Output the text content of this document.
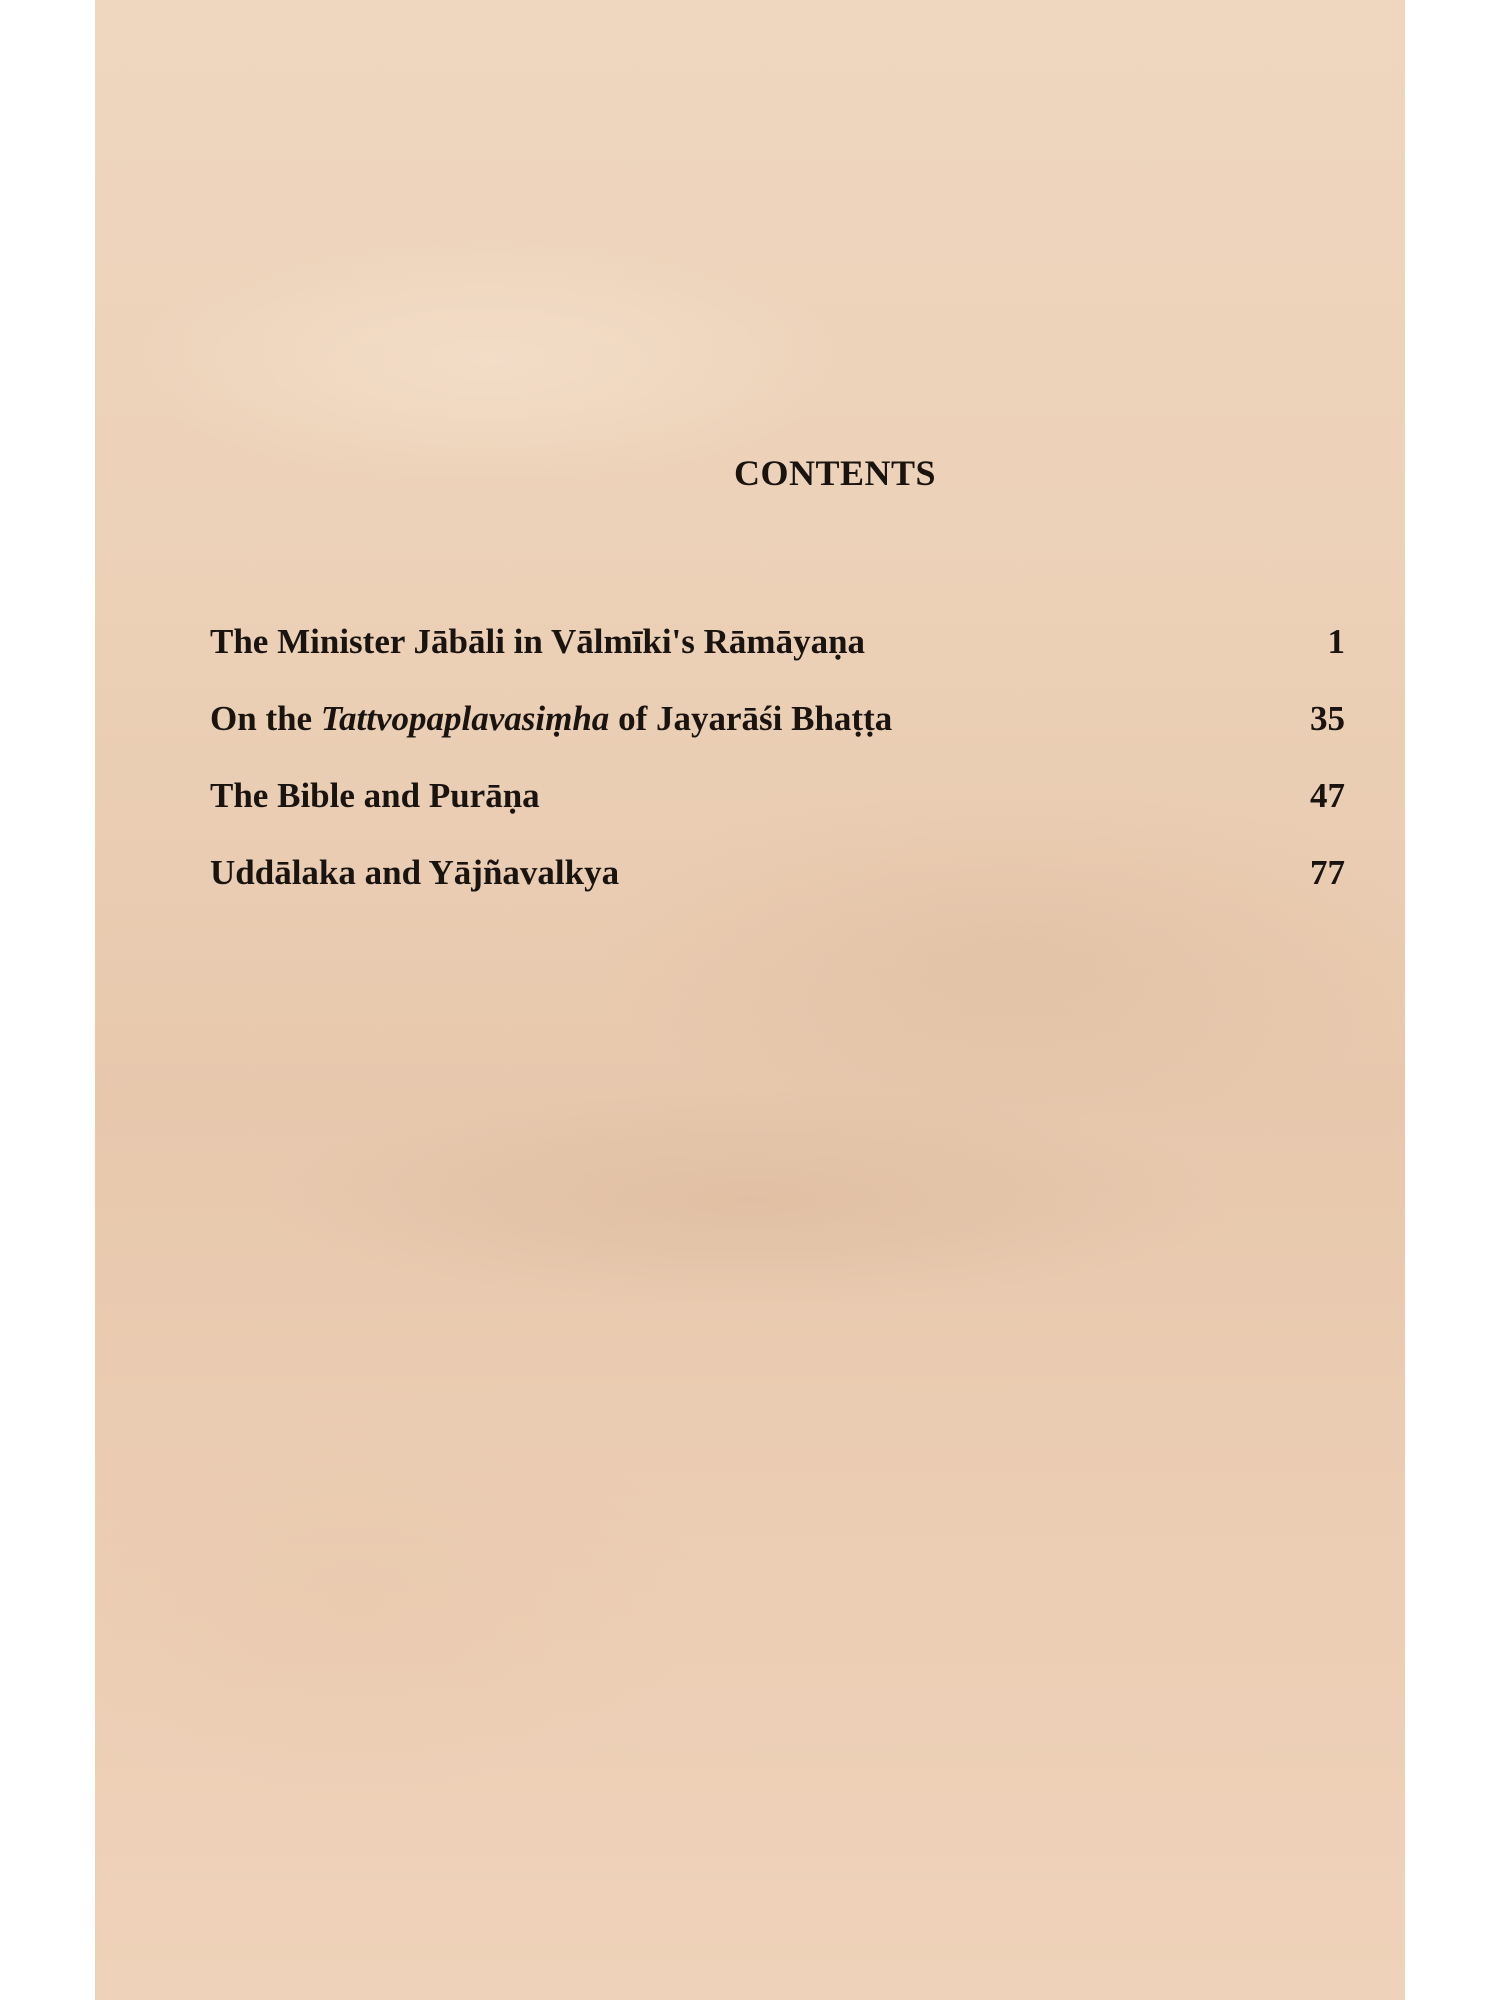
CONTENTS
The Minister Jābāli in Vālmīki's Rāmāyaṇa	1
On the Tattvopaplavasiṃha of Jayarāśi Bhaṭṭa	35
The Bible and Purāṇa	47
Uddālaka and Yājñavalkya	77
